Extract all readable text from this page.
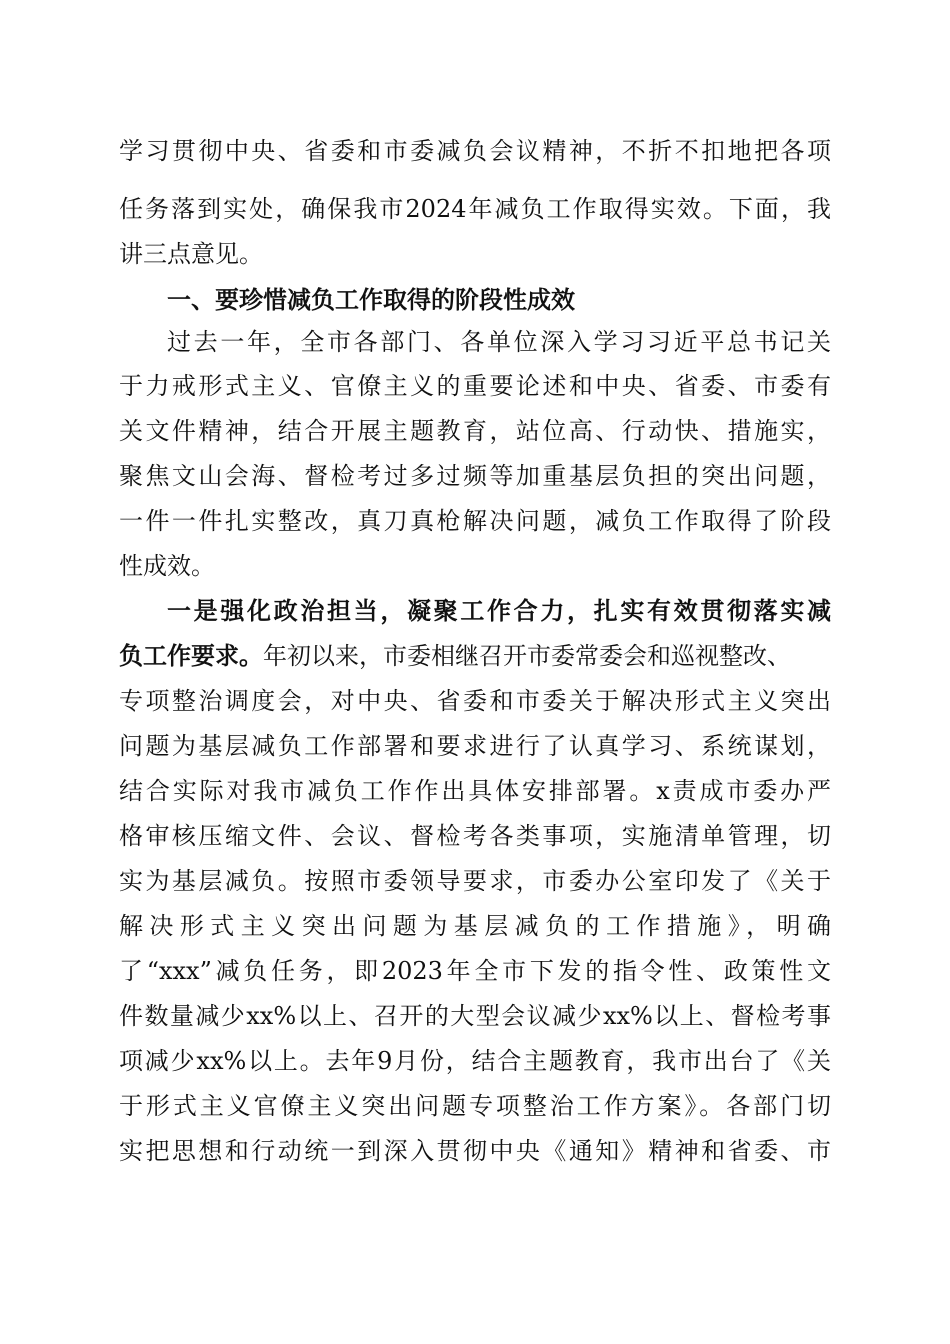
学习贯彻中央、省委和市委减负会议精神，不折不扣地把各项
任务落到实处，确保我市2024年减负工作取得实效。下面，我
讲三点意见。
一、要珍惜减负工作取得的阶段性成效
过去一年，全市各部门、各单位深入学习习近平总书记关
于力戒形式主义、官僚主义的重要论述和中央、省委、市委有
关文件精神，结合开展主题教育，站位高、行动快、措施实，
聚焦文山会海、督检考过多过频等加重基层负担的突出问题，
一件一件扎实整改，真刀真枪解决问题，减负工作取得了阶段
性成效。
一是强化政治担当，凝聚工作合力，扎实有效贯彻落实减
负工作要求。年初以来，市委相继召开市委常委会和巡视整改、
专项整治调度会，对中央、省委和市委关于解决形式主义突出
问题为基层减负工作部署和要求进行了认真学习、系统谋划，
结合实际对我市减负工作作出具体安排部署。x责成市委办严
格审核压缩文件、会议、督检考各类事项，实施清单管理，切
实为基层减负。按照市委领导要求，市委办公室印发了《关于
解决形式主义突出问题为基层减负的工作措施》，明确
了“xxx”减负任务，即2023年全市下发的指令性、政策性文
件数量减少xx%以上、召开的大型会议减少xx%以上、督检考事
项减少xx%以上。去年9月份，结合主题教育，我市出台了《关
于形式主义官僚主义突出问题专项整治工作方案》。各部门切
实把思想和行动统一到深入贯彻中央《通知》精神和省委、市
